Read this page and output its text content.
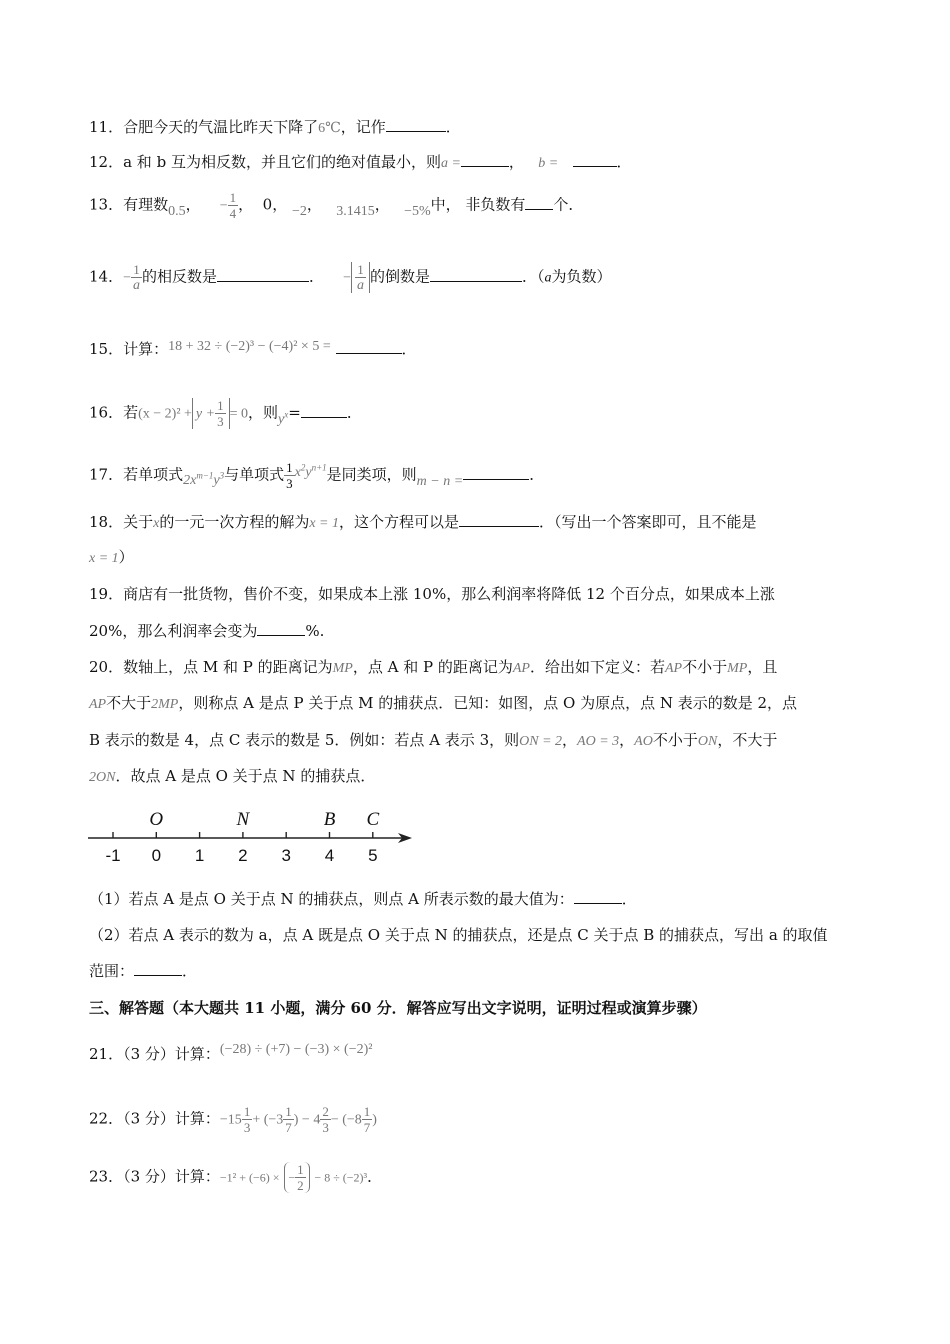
11．合肥今天的气温比昨天下降了6℃，记作	．
12．a 和 b 互为相反数，并且它们的绝对值最小，则a =	， b =	．
13．有理数0.5， − $\frac{1}{4}$ ， 0， −2， 3.1415， −5%中， 非负数有 个．
14．− $\frac{1}{a}$ 的相反数是	． − $\frac{1}{a}$ 的倒数是	．（a为负数）
15．计算：18 + 32 ÷ (−2)³ − (−4)² × 5 =	．
16．若$(x - 2)^2 + y + \frac{1}{3} = 0$，则$y^x=$	．
17．若单项式$2x^{m-1}y^3$与单项式 $\frac{1}{3} x^2y^{n+1}$是同类项，则m − n =	．
18．关于x的一元一次方程的解为x = 1，这个方程可以是	．（写出一个答案即可，且不能是
x = 1）
19．商店有一批货物，售价不变，如果成本上涨 10%，那么利润率将降低 12 个百分点，如果成本上涨
20%，那么利润率会变为	%.
20．数轴上，点 M 和 P 的距离记为MP，点 A 和 P 的距离记为AP．给出如下定义：若AP不小于MP，且
AP不大于2MP，则称点 A 是点 P 关于点 M 的捕获点．已知：如图，点 O 为原点，点 N 表示的数是 2，点
B 表示的数是 4，点 C 表示的数是 5．例如：若点 A 表示 3，则ON = 2，AO = 3，AO不小于ON，不大于
2ON．故点 A 是点 O 关于点 N 的捕获点．
-1 0 1 2 3 4 5
O	N	B C
（1）若点 A 是点 O 关于点 N 的捕获点，则点 A 所表示数的最大值为：	．
（2）若点 A 表示的数为 a，点 A 既是点 O 关于点 N 的捕获点，还是点 C 关于点 B 的捕获点，写出 a 的取值
范围：	．
三、解答题（本大题共 11 小题，满分 60 分．解答应写出文字说明，证明过程或演算步骤）
21．（3 分）计算：(−28) ÷ (+7) − (−3) × (−2)²
22．（3 分）计算：$-15 \frac{1}{3} + (-3 \frac{1}{7}$ ) − $4 \frac{2}{3} - (-8 \frac{1}{7}$ )
23．（3 分）计算：−1² + (−6) × − $\frac{1}{2} - 8 \div (-2)^3$．
